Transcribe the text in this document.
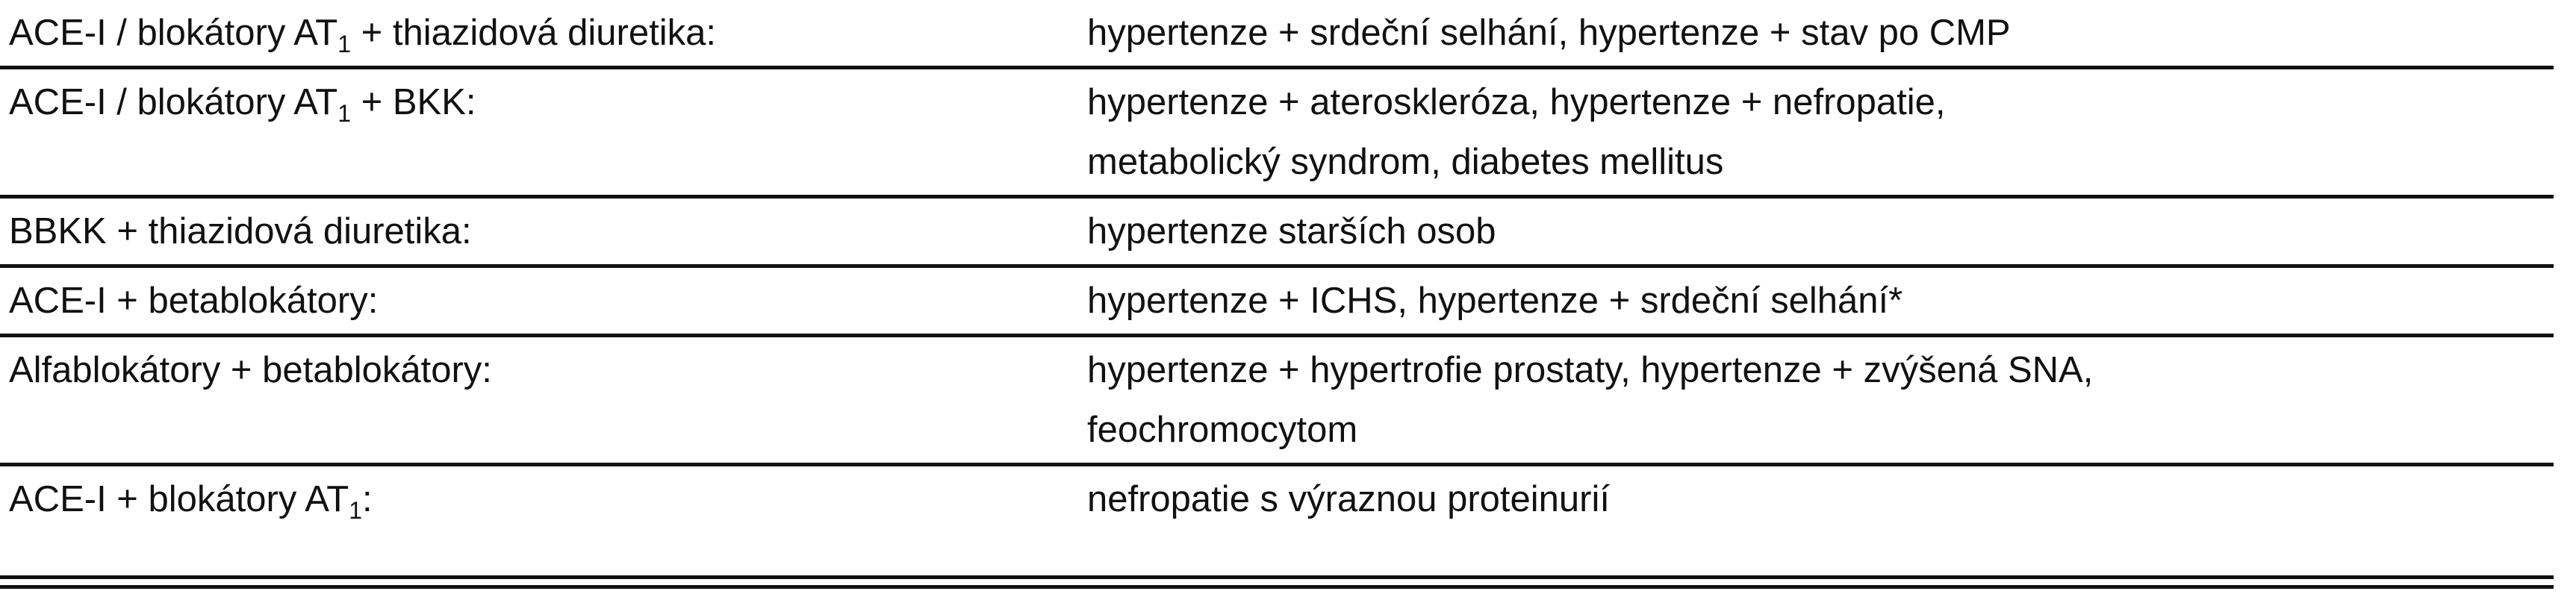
ACE-I / blokátory $AT_1$ + thiazidová diuretika:	hypertenze + srdeční selhání, hypertenze + stav po CMP

ACE-I / blokátory $AT_1$ + BKK:	hypertenze + ateroskleróza, hypertenze + nefropatie,
metabolický syndrom, diabetes mellitus

BBKK + thiazidová diuretika:	hypertenze starších osob

ACE-I + betablokátory:	hypertenze + ICHS, hypertenze + srdeční selhání*

Alfablokátory + betablokátory:	hypertenze + hypertrofie prostaty, hypertenze + zvýšená SNA,
feochromocytom

ACE-I + blokátory $AT_1$:	nefropatie s výraznou proteinurií
